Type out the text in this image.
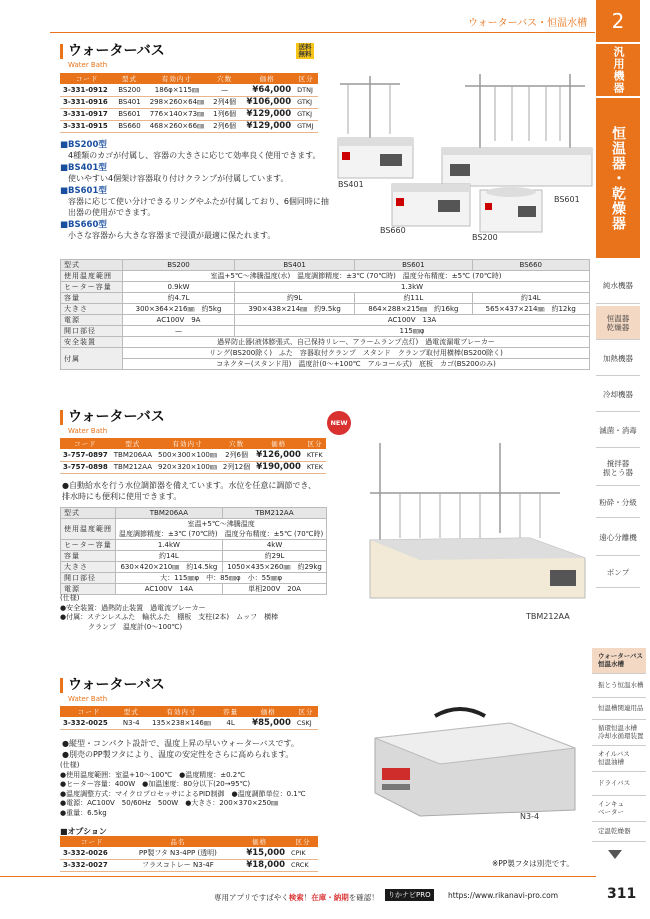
ウォーターバス・恒温水槽	2
汎用機器
恒温器・乾燥器
純水機器
恒温器
乾燥器
加熱機器
冷却機器
滅菌・消毒
撹拌器
振とう器
粉砕・分級
遠心分離機
ポンプ
ウォーターバス
恒温水槽
振とう恒温水槽
恒温槽関連用品
循環恒温水槽
冷却水循環装置
オイルバス
恒温油槽
ドライバス
インキュ
ベーター
定温乾燥器
ウォーターバス
Water Bath
送料
無料
コード	型式	有効内寸	穴数	価格	区分
3-331-0912	BS200	186φ×115㎜	—	¥64,000	DTNJ
3-331-0916	BS401	298×260×64㎜	2列4個	¥106,000	GTKJ
3-331-0917	BS601	776×140×73㎜	1列6個	¥129,000	GTKJ
3-331-0915	BS660	468×260×66㎜	2列6個	¥129,000	GTMJ
■BS200型
4種類のカゴが付属し、容器の大きさに応じて効率良く使用できます。
■BS401型
使いやすい4個架け容器取り付けクランプが付属しています。
■BS601型
容器に応じて使い分けできるリングやふたが付属しており、6個同時に抽出器の使用ができます。
■BS660型
小さな容器から大きな容器まで浸漬が最適に保たれます。
BS401
BS601
BS660
BS200
型式	BS200	BS401	BS601	BS660
使用温度範囲	室温+5℃～沸騰温度(水)　温度調節精度：±3℃ (70℃時)　温度分布精度：±5℃ (70℃時)			
ヒーター容量	0.9kW	1.3kW		
容量	約4.7L	約9L	約11L	約14L
大きさ	300×364×216㎜　約5kg	390×438×214㎜　約9.5kg	864×288×215㎜　約16kg	565×437×214㎜　約12kg
電源	AC100V　9A	AC100V　13A		
開口部径	—	115㎜φ		
安全装置	過昇防止器(液体膨張式、自己保持リレー、アラームランプ点灯)　過電流漏電ブレーカー			
付属	リング(BS200除く)　ふた　容器取付クランプ　スタンド　クランプ取付用横棒(BS200除く)			
	コネクター(スタンド用)　温度計(0～+100℃　アルコール式)　底板　カゴ(BS200のみ)			
ウォーターバス
Water Bath
NEW
コード	型式	有効内寸	穴数	価格	区分
3-757-0897	TBM206AA	500×300×100㎜	2列6個	¥126,000	KTFK
3-757-0898	TBM212AA	920×320×100㎜	2列12個	¥190,000	KTEK
●自動給水を行う水位調節器を備えています。水位を任意に調節でき、排水時にも便利に使用できます。
型式	TBM206AA	TBM212AA
使用温度範囲	室温+5℃～沸騰温度
温度調節精度：±3℃ (70℃時)　温度分布精度：±5℃ (70℃時)	

ヒーター容量	1.4kW	4kW
容量	約14L	約29L
大きさ	630×420×210㎜　約14.5kg	1050×435×260㎜　約29kg
開口部径	大：115㎜φ　中：85㎜φ　小：55㎜φ	
電源	AC100V　14A	単相200V　20A
(仕様)
●安全装置：過熱防止装置　過電流ブレーカー
●付属：ステンレスふた　輪状ふた　棚板　支柱(2本)　ムッフ　横棒
　　　　クランプ　温度計(0～100℃)
TBM212AA
ウォーターバス
Water Bath
コード	型式	有効内寸	容量	価格	区分
3-332-0025	N3-4	135×238×146㎜	4L	¥85,000	CSKJ
●縦型・コンパクト設計で、温度上昇の早いウォーターバスです。
●別売のPP製フタにより、温度の安定性をさらに高められます。
(仕様)
●使用温度範囲：室温+10～100℃　●温度精度：±0.2℃
●ヒーター容量：400W　●加温速度：80分以下(20→95℃)
●温度調整方式：マイクロプロセッサによるPID制御　●温度調節単位：0.1℃
●電源：AC100V　50/60Hz　500W　●大きさ：200×370×250㎜
●重量：6.5kg
■オプション
コード	品名	価格	区分
3-332-0026	PP製フタ N3-4PP (透明)	¥15,000	CPIK
3-332-0027	フラスコトレー N3-4F	¥18,000	CRCK
N3-4
※PP製フタは別売です。
専用アプリですばやく検索！在庫・納期を確認！	りかナビPRO	https://www.rikanavi-pro.com	311
